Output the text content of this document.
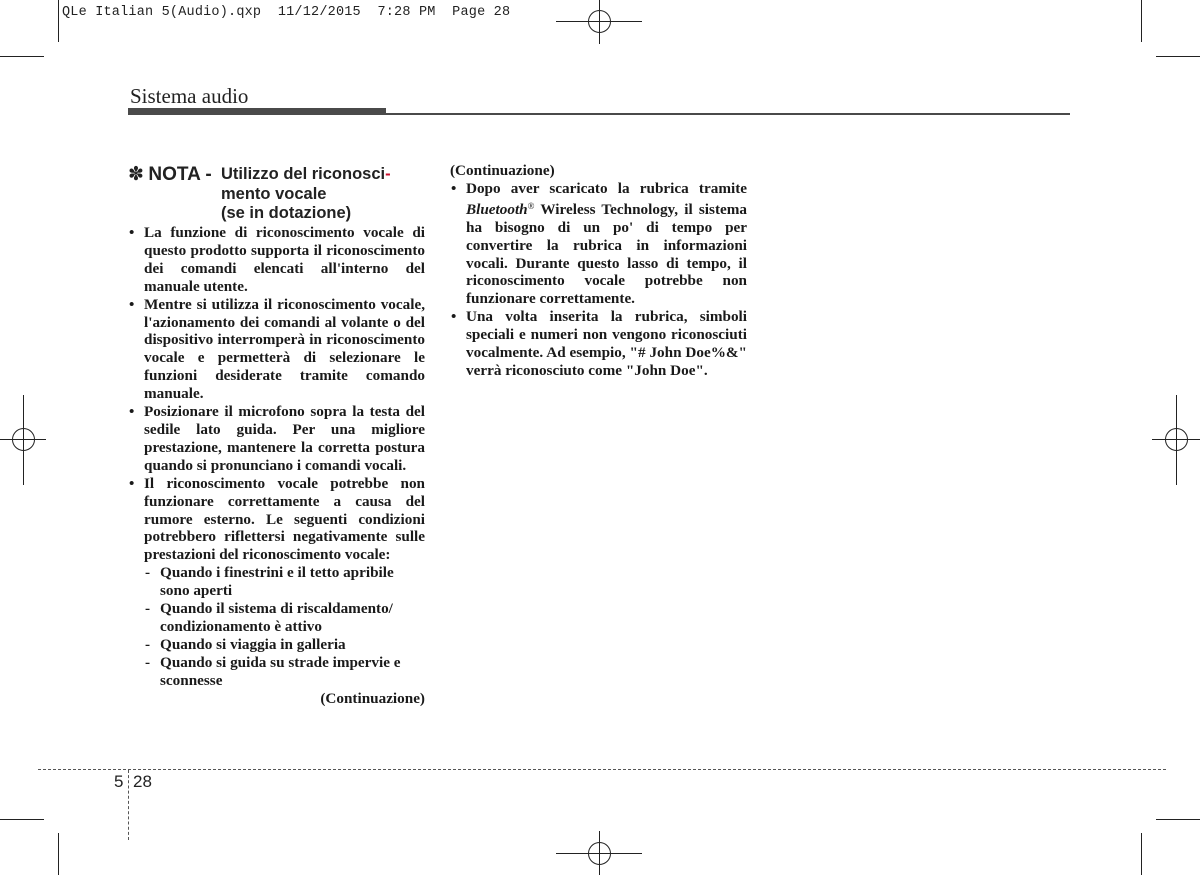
QLe Italian 5(Audio).qxp  11/12/2015  7:28 PM  Page 28
Sistema audio
✽ NOTA - Utilizzo del riconosci-
mento vocale
(se in dotazione)
• La funzione di riconoscimento vocale di questo prodotto supporta il riconoscimento dei comandi elencati all'interno del manuale utente.
• Mentre si utilizza il riconoscimento vocale, l'azionamento dei comandi al volante o del dispositivo interromperà in riconoscimento vocale e permetterà di selezionare le funzioni desiderate tramite comando manuale.
• Posizionare il microfono sopra la testa del sedile lato guida. Per una migliore prestazione, mantenere la corretta postura quando si pronunciano i comandi vocali.
• Il riconoscimento vocale potrebbe non funzionare correttamente a causa del rumore esterno. Le seguenti condizioni potrebbero riflettersi negativamente sulle prestazioni del riconoscimento vocale:
- Quando i finestrini e il tetto apribile sono aperti
- Quando il sistema di riscaldamento/ condizionamento è attivo
- Quando si viaggia in galleria
- Quando si guida su strade impervie e sconnesse
(Continuazione)
(Continuazione)
• Dopo aver scaricato la rubrica tramite Bluetooth® Wireless Technology, il sistema ha bisogno di un po' di tempo per convertire la rubrica in informazioni vocali. Durante questo lasso di tempo, il riconoscimento vocale potrebbe non funzionare correttamente.
• Una volta inserita la rubrica, simboli speciali e numeri non vengono riconosciuti vocalmente. Ad esempio, "# John Doe%&" verrà riconosciuto come "John Doe".
5 28
